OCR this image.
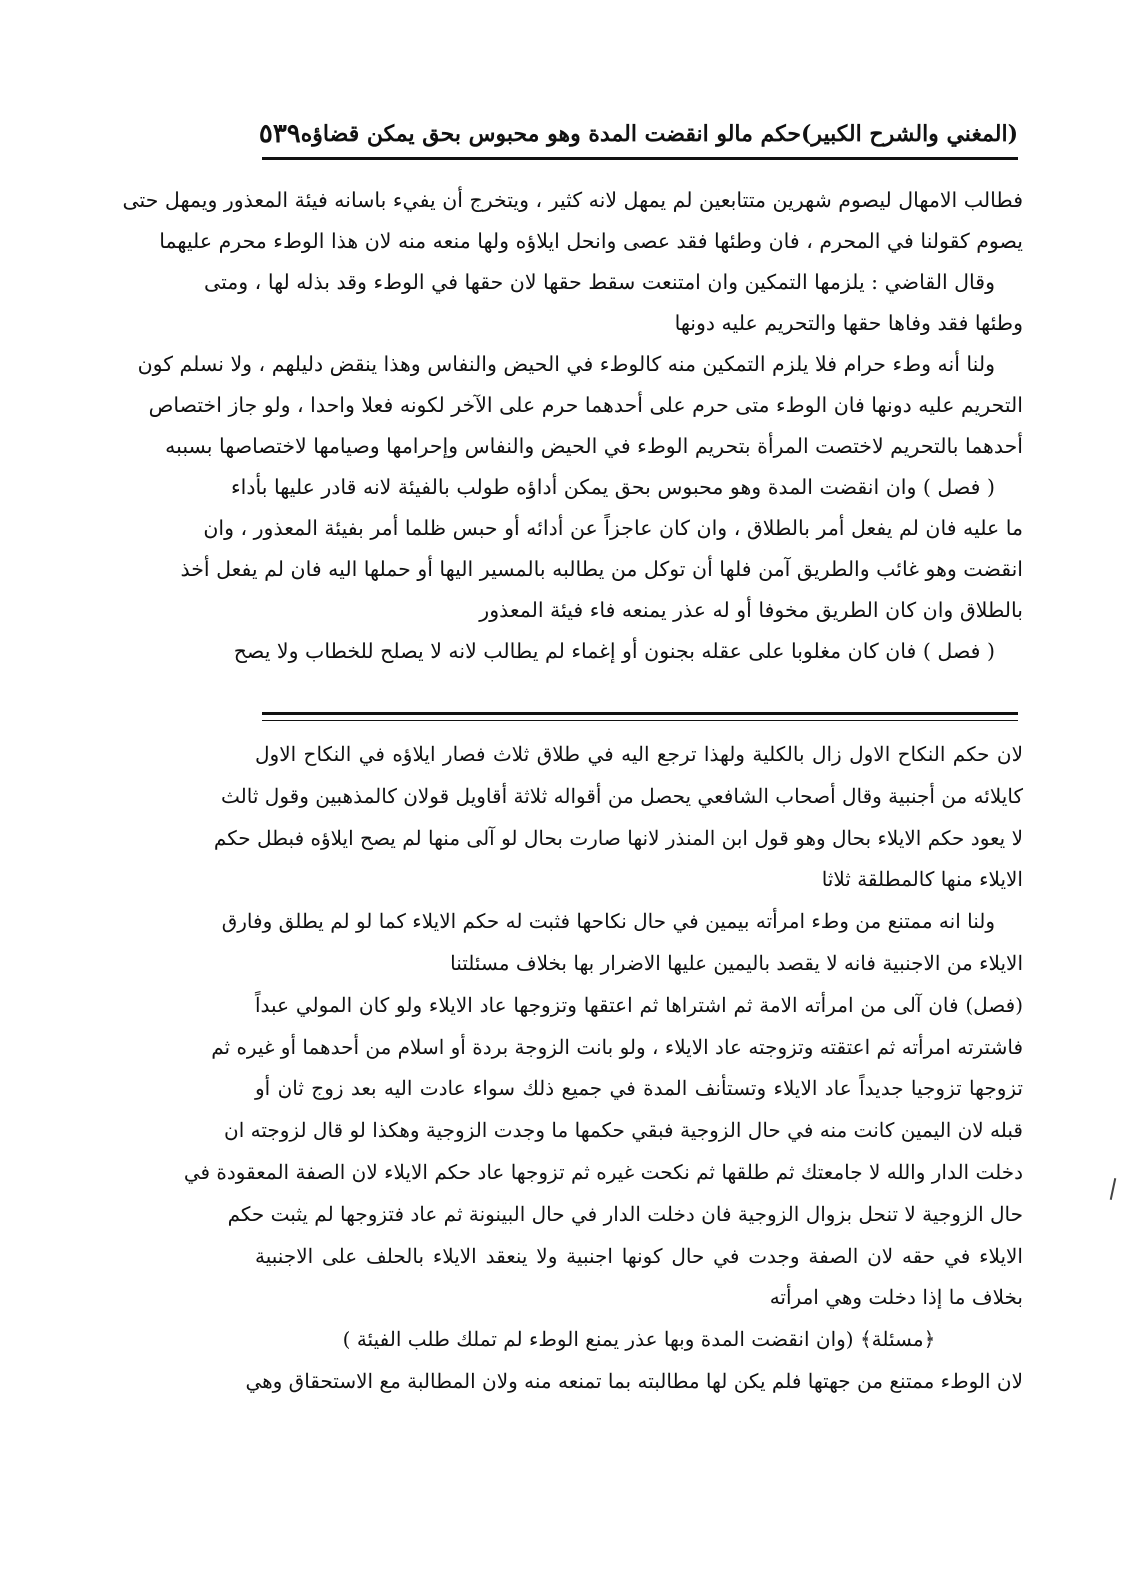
(المغني والشرح الكبير)
حكم مالو انقضت المدة وهو محبوس بحق يمكن قضاؤه
٥٣٩
فطالب الامهال ليصوم شهرين متتابعين لم يمهل لانه كثير ، ويتخرج أن يفيء باسانه فيئة المعذور ويمهل حتى
يصوم كقولنا في المحرم ، فان وطئها فقد عصى وانحل ايلاؤه ولها منعه منه لان هذا الوطء محرم عليهما
وقال القاضي : يلزمها التمكين وان امتنعت سقط حقها لان حقها في الوطء وقد بذله لها ، ومتى
وطئها فقد وفاها حقها والتحريم عليه دونها
ولنا أنه وطء حرام فلا يلزم التمكين منه كالوطء في الحيض والنفاس وهذا ينقض دليلهم ، ولا نسلم كون
التحريم عليه دونها فان الوطء متى حرم على أحدهما حرم على الآخر لكونه فعلا واحدا ، ولو جاز اختصاص
أحدهما بالتحريم لاختصت المرأة بتحريم الوطء في الحيض والنفاس وإحرامها وصيامها لاختصاصها بسببه
( فصل ) وان انقضت المدة وهو محبوس بحق يمكن أداؤه طولب بالفيئة لانه قادر عليها بأداء
ما عليه فان لم يفعل أمر بالطلاق ، وان كان عاجزاً عن أدائه أو حبس ظلما أمر بفيئة المعذور ، وان
انقضت وهو غائب والطريق آمن فلها أن توكل من يطالبه بالمسير اليها أو حملها اليه فان لم يفعل أخذ
بالطلاق وان كان الطريق مخوفا أو له عذر يمنعه فاء فيئة المعذور
( فصل ) فان كان مغلوبا على عقله بجنون أو إغماء لم يطالب لانه لا يصلح للخطاب ولا يصح
لان حكم النكاح الاول زال بالكلية ولهذا ترجع اليه في طلاق ثلاث فصار ايلاؤه في النكاح الاول
كايلائه من أجنبية وقال أصحاب الشافعي يحصل من أقواله ثلاثة أقاويل قولان كالمذهبين وقول ثالث
لا يعود حكم الايلاء بحال وهو قول ابن المنذر لانها صارت بحال لو آلى منها لم يصح ايلاؤه فبطل حكم
الايلاء منها كالمطلقة ثلاثا
ولنا انه ممتنع من وطء امرأته بيمين في حال نكاحها فثبت له حكم الايلاء كما لو لم يطلق وفارق
الايلاء من الاجنبية فانه لا يقصد باليمين عليها الاضرار بها بخلاف مسئلتنا
(فصل) فان آلى من امرأته الامة ثم اشتراها ثم اعتقها وتزوجها عاد الايلاء ولو كان المولي عبداً
فاشترته امرأته ثم اعتقته وتزوجته عاد الايلاء ، ولو بانت الزوجة بردة أو اسلام من أحدهما أو غيره ثم
تزوجها تزوجيا جديداً عاد الايلاء وتستأنف المدة في جميع ذلك سواء عادت اليه بعد زوج ثان أو
قبله لان اليمين كانت منه في حال الزوجية فبقي حكمها ما وجدت الزوجية وهكذا لو قال لزوجته ان
دخلت الدار والله لا جامعتك ثم طلقها ثم نكحت غيره ثم تزوجها عاد حكم الايلاء لان الصفة المعقودة في
حال الزوجية لا تنحل بزوال الزوجية فان دخلت الدار في حال البينونة ثم عاد فتزوجها لم يثبت حكم
الايلاء في حقه لان الصفة وجدت في حال كونها اجنبية ولا ينعقد الايلاء بالحلف على الاجنبية
بخلاف ما إذا دخلت وهي امرأته
﴿مسئلة﴾ (وان انقضت المدة وبها عذر يمنع الوطء لم تملك طلب الفيئة )
لان الوطء ممتنع من جهتها فلم يكن لها مطالبته بما تمنعه منه ولان المطالبة مع الاستحقاق وهي
